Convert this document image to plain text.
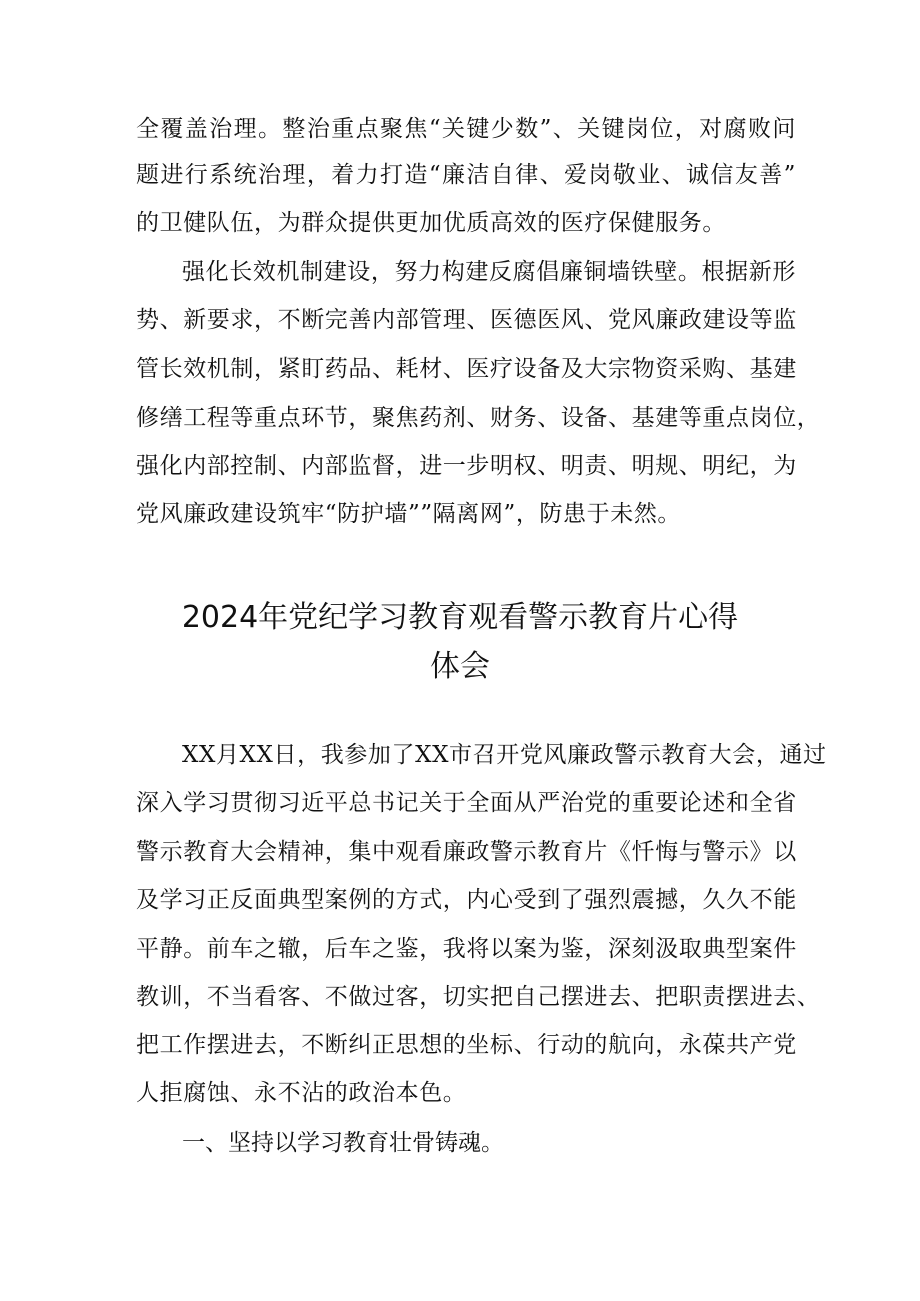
全覆盖治理。整治重点聚焦“关键少数”、关键岗位，对腐败问
题进行系统治理，着力打造“廉洁自律、爱岗敬业、诚信友善”
的卫健队伍，为群众提供更加优质高效的医疗保健服务。
强化长效机制建设，努力构建反腐倡廉铜墙铁壁。根据新形
势、新要求，不断完善内部管理、医德医风、党风廉政建设等监
管长效机制，紧盯药品、耗材、医疗设备及大宗物资采购、基建
修缮工程等重点环节，聚焦药剂、财务、设备、基建等重点岗位，
强化内部控制、内部监督，进一步明权、明责、明规、明纪，为
党风廉政建设筑牢“防护墙””隔离网”，防患于未然。
2024年党纪学习教育观看警示教育片心得
体会
XX月XX日，我参加了XX市召开党风廉政警示教育大会，通过
深入学习贯彻习近平总书记关于全面从严治党的重要论述和全省
警示教育大会精神，集中观看廉政警示教育片《忏悔与警示》以
及学习正反面典型案例的方式，内心受到了强烈震撼，久久不能
平静。前车之辙，后车之鉴，我将以案为鉴，深刻汲取典型案件
教训，不当看客、不做过客，切实把自己摆进去、把职责摆进去、
把工作摆进去，不断纠正思想的坐标、行动的航向，永葆共产党
人拒腐蚀、永不沾的政治本色。
一、坚持以学习教育壮骨铸魂。
